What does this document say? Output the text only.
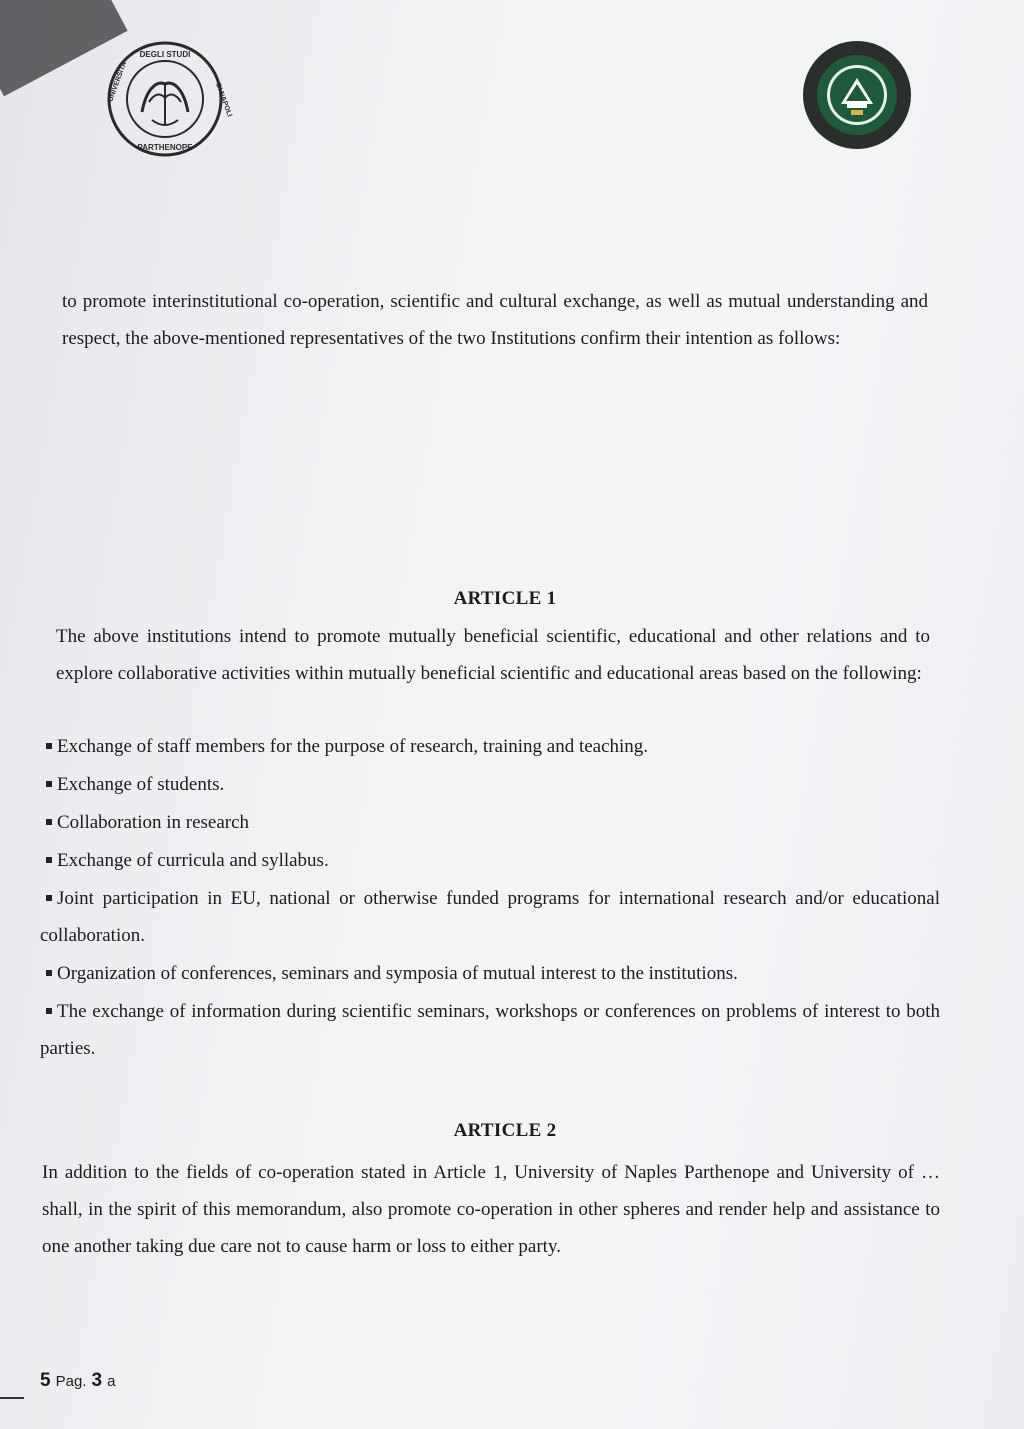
DEGLI STUDI
PARTHENOPE
UNIVERSITA	DI NAPOLI
to promote interinstitutional co-operation, scientific and cultural exchange, as well as mutual understanding and respect, the above-mentioned representatives of the two Institutions confirm their intention as follows:
ARTICLE 1
The above institutions intend to promote mutually beneficial scientific, educational and other relations and to explore collaborative activities within mutually beneficial scientific and educational areas based on the following:
Exchange of staff members for the purpose of research, training and teaching.
Exchange of students.
Collaboration in research
Exchange of curricula and syllabus.
Joint participation in EU, national or otherwise funded programs for international research and/or educational collaboration.
Organization of conferences, seminars and symposia of mutual interest to the institutions.
The exchange of information during scientific seminars, workshops or conferences on problems of interest to both parties.
ARTICLE 2
In addition to the fields of co-operation stated in Article 1, University of Naples Parthenope and University of … shall, in the spirit of this memorandum, also promote co-operation in other spheres and render help and assistance to one another taking due care not to cause harm or loss to either party.
5 Pag. 3 a
